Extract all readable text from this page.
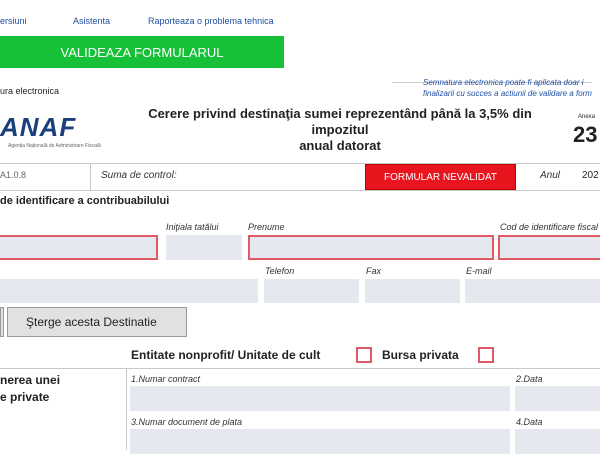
ersiuni	Asistenta	Raporteaza o problema tehnica
VALIDEAZA FORMULARUL
ura electronica
Semnatura electronica poate fi aplicata doar i
finalizarii cu succes a actiunii de validare a form
ANAF
Agenția Națională de Administrare Fiscală
Cerere privind destinaţia sumei reprezentând până la 3,5% din impozitul
anual datorat
Anexa
23
A1.0.8	Suma de control:	FORMULAR NEVALIDAT	Anul 202
de identificare a contribuabilului
Iniţiala tatălui	Prenume	Cod de identificare fiscal
Telefon	Fax	E-mail
Şterge acesta Destinatie
Entitate nonprofit/ Unitate de cult	Bursa privata
nerea unei
e private
1.Numar contract	2.Data
3.Numar document de plata	4.Data
